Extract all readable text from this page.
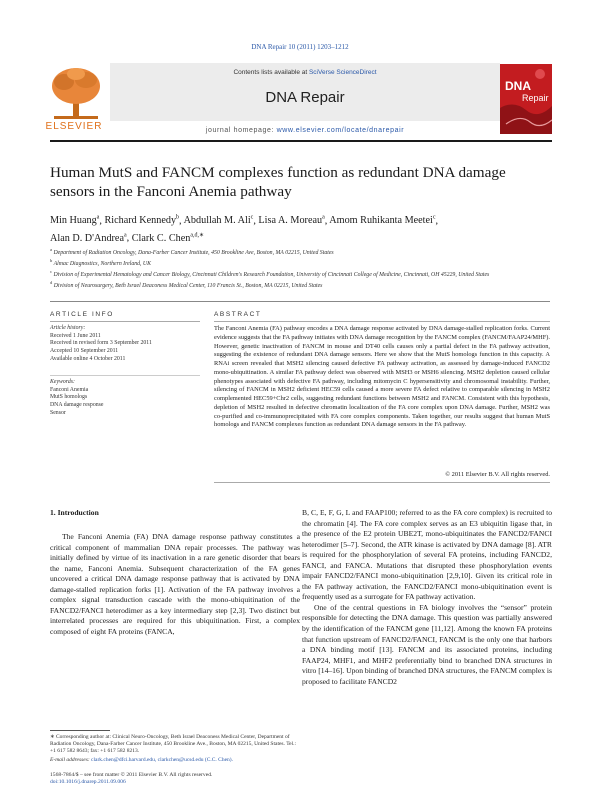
DNA Repair 10 (2011) 1203–1212
Contents lists available at SciVerse ScienceDirect
DNA Repair
journal homepage: www.elsevier.com/locate/dnarepair
ELSEVIER
DNA
Repair
Human MutS and FANCM complexes function as redundant DNA damage sensors in the Fanconi Anemia pathway
Min Huang$^a$, Richard Kennedy$^b$, Abdullah M. Ali$^c$, Lisa A. Moreau$^a$, Amom Ruhikanta Meetei$^c$,
Alan D. D'Andrea$^a$, Clark C. Chen$^{a,d,∗}$
$^a$ Department of Radiation Oncology, Dana-Farber Cancer Institute, 450 Brookline Ave, Boston, MA 02215, United States
$^b$ Almac Diagnostics, Northern Ireland, UK
$^c$ Division of Experimental Hematology and Cancer Biology, Cincinnati Children's Research Foundation, University of Cincinnati College of Medicine, Cincinnati, OH 45229, United States
$^d$ Division of Neurosurgery, Beth Israel Deaconess Medical Center, 110 Francis St., Boston, MA 02215, United States
ARTICLE INFO
Article history:
Received 1 June 2011
Received in revised form 3 September 2011
Accepted 10 September 2011
Available online 4 October 2011
Keywords:
Fanconi Anemia
MutS homologs
DNA damage response
Sensor
ABSTRACT
The Fanconi Anemia (FA) pathway encodes a DNA damage response activated by DNA damage-stalled replication forks. Current evidence suggests that the FA pathway initiates with DNA damage recognition by the FANCM complex (FANCM/FAAP24/MHF). However, genetic inactivation of FANCM in mouse and DT40 cells causes only a partial defect in the FA pathway activation, suggesting the existence of redundant DNA damage sensors. Here we show that the MutS homologs function in this capacity. A RNAi screen revealed that MSH2 silencing caused defective FA pathway activation, as assessed by damage-induced FANCD2 mono-ubiquitination. A similar FA pathway defect was observed with MSH3 or MSH6 silencing. MSH2 depletion caused cellular phenotypes associated with defective FA pathway, including mitomycin C hypersensitivity and chromosomal instability. Further, silencing of FANCM in MSH2 deficient HEC59 cells caused a more severe FA defect relative to comparable silencing in MSH2 complemented HEC59+Chr2 cells, suggesting redundant functions between MSH2 and FANCM. Consistent with this hypothesis, depletion of MSH2 resulted in defective chromatin localization of the FA core complex upon DNA damage. Further, MSH2 was co-purified and co-immunoprecipitated with FA core complex components. Taken together, our results suggest that human MutS homologs and FANCM complexes function as redundant DNA damage sensors in the FA pathway.
© 2011 Elsevier B.V. All rights reserved.
1. Introduction

The Fanconi Anemia (FA) DNA damage response pathway constitutes a critical component of mammalian DNA repair processes. The pathway was initially defined by virtue of its inactivation in a rare genetic disorder that bears the name, Fanconi Anemia. Subsequent characterization of the FA genes uncovered a critical DNA damage response pathway that is activated by DNA damage-stalled replication forks [1]. Activation of the FA pathway involves a complex signal transduction cascade with the mono-ubiquitination of the FANCD2/FANCI heterodimer as a key intermediary step [2,3]. Two distinct but interrelated processes are required for this ubiquitination. First, a complex composed of eight FA proteins (FANCA,

B, C, E, F, G, L and FAAP100; referred to as the FA core complex) is recruited to the chromatin [4]. The FA core complex serves as an E3 ubiquitin ligase that, in the presence of the E2 protein UBE2T, mono-ubiquitinates the FANCD2/FANCI heterodimer [5–7]. Second, the ATR kinase is activated by DNA damage [8]. ATR is required for the phosphorylation of several FA proteins, including FANCD2, FANCI, and FANCA. Mutations that disrupted these phosphorylation events impair FANCD2/FANCI mono-ubiquitination [2,9,10]. Given its critical role in the FA pathway activation, the FANCD2/FANCI mono-ubiquitination event is frequently used as a surrogate for FA pathway activation.

One of the central questions in FA biology involves the “sensor” protein responsible for detecting the DNA damage. This question was partially answered by the identification of the FANCM gene [11,12]. Among the known FA proteins that function upstream of FANCD2/FANCI, FANCM is the only one that harbors a DNA binding motif [13]. FANCM and its associated proteins, including FAAP24, MHF1, and MHF2 preferentially bind to branched DNA structures in vitro [14–16]. Upon binding of branched DNA structures, the FANCM complex is proposed to facilitate FANCD2

∗ Corresponding author at: Clinical Neuro-Oncology, Beth Israel Deaconess Medical Center, Department of Radiation Oncology, Dana-Farber Cancer Institute, 450 Brookline Ave., Boston, MA 02215, United States. Tel.: +1 617 582 8643; fax: +1 617 582 8213.
E-mail addresses: clark.chen@dfci.harvard.edu, clarkchen@ucsd.edu (C.C. Chen).
1568-7864/$ – see front matter © 2011 Elsevier B.V. All rights reserved.
doi:10.1016/j.dnarep.2011.09.006
